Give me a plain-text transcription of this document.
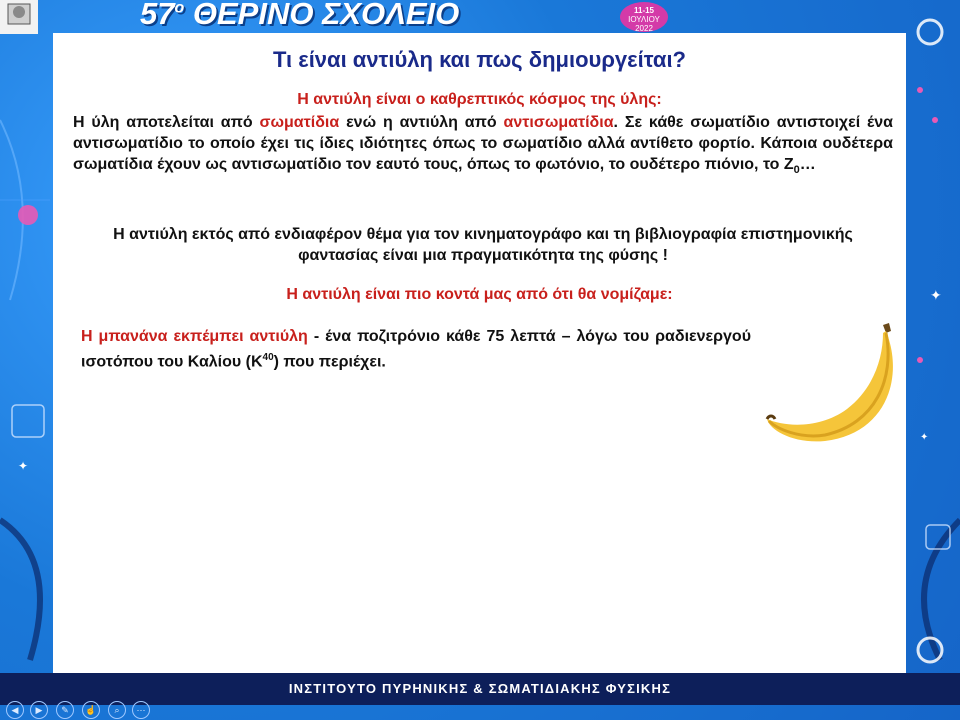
✦
✦
✦
$57^o$ ΘΕΡΙΝΟ ΣΧΟΛΕΙΟ	11-15
ΙΟΥΛΙΟΥ
2022
Τι είναι αντιύλη και πως δημιουργείται?
Η αντιύλη είναι ο καθρεπτικός κόσμος της ύλης:
Η ύλη αποτελείται από σωματίδια ενώ η αντιύλη από αντισωματίδια. Σε κάθε σωματίδιο αντιστοιχεί ένα αντισωματίδιο το οποίο έχει τις ίδιες ιδιότητες όπως το σωματίδιο αλλά αντίθετο φορτίο. Κάποια ουδέτερα σωματίδια έχουν ως αντισωματίδιο τον εαυτό τους, όπως το φωτόνιο, το ουδέτερο πιόνιο, το $Z_0\dots$
Η αντιύλη εκτός από ενδιαφέρον θέμα για τον κινηματογράφο και τη βιβλιογραφία επιστημονικής φαντασίας είναι μια πραγματικότητα της φύσης !
Η αντιύλη είναι πιο κοντά μας από ότι θα νομίζαμε:
Η μπανάνα εκπέμπει αντιύλη - ένα ποζιτρόνιο κάθε 75 λεπτά – λόγω του ραδιενεργού ισοτόπου του Καλίου $(K^{40})$ που περιέχει.
ΙΝΣΤΙΤΟΥΤΟ ΠΥΡΗΝΙΚΗΣ & ΣΩΜΑΤΙΔΙΑΚΗΣ ΦΥΣΙΚΗΣ
◀	▶	✎	☝	⌕	⋯
